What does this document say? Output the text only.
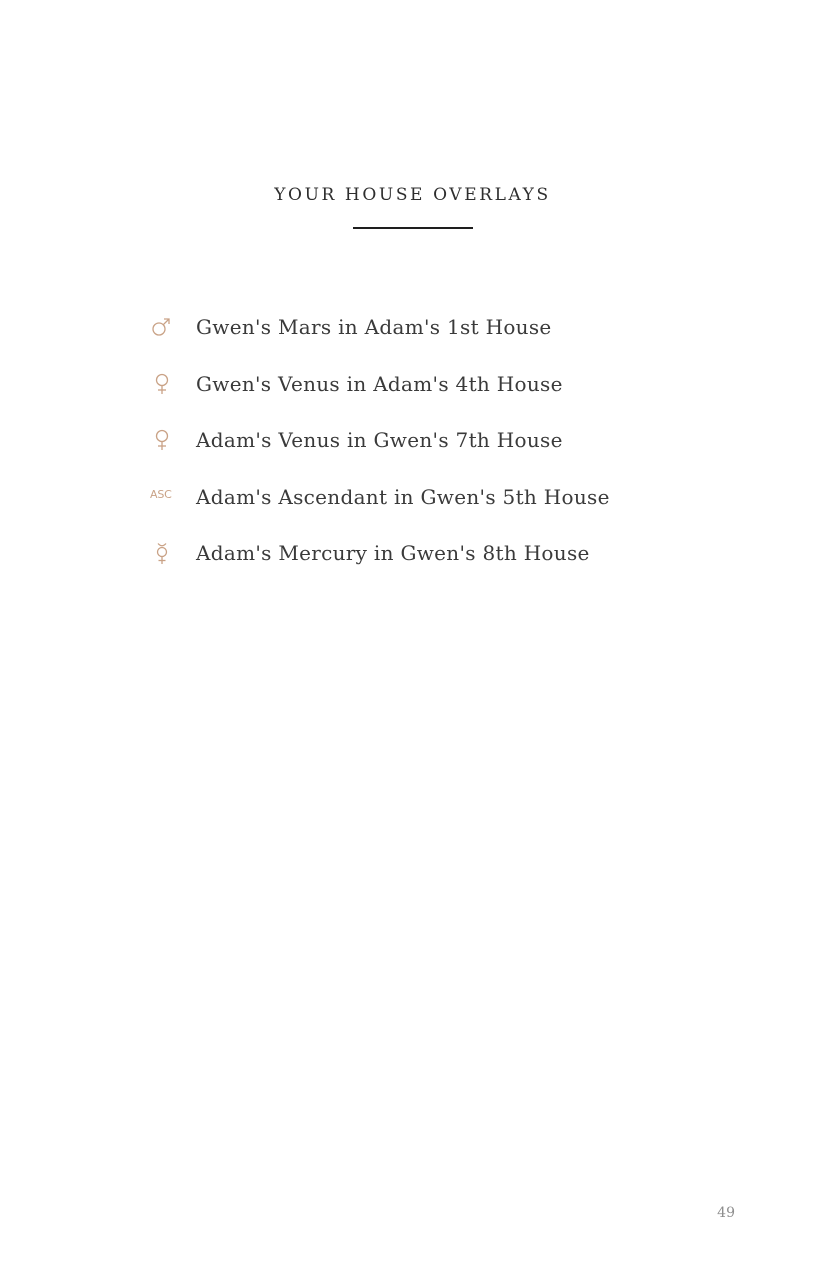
YOUR HOUSE OVERLAYS
Gwen's Mars in Adam's 1st House
Gwen's Venus in Adam's 4th House
Adam's Venus in Gwen's 7th House
ASC Adam's Ascendant in Gwen's 5th House
Adam's Mercury in Gwen's 8th House
49
